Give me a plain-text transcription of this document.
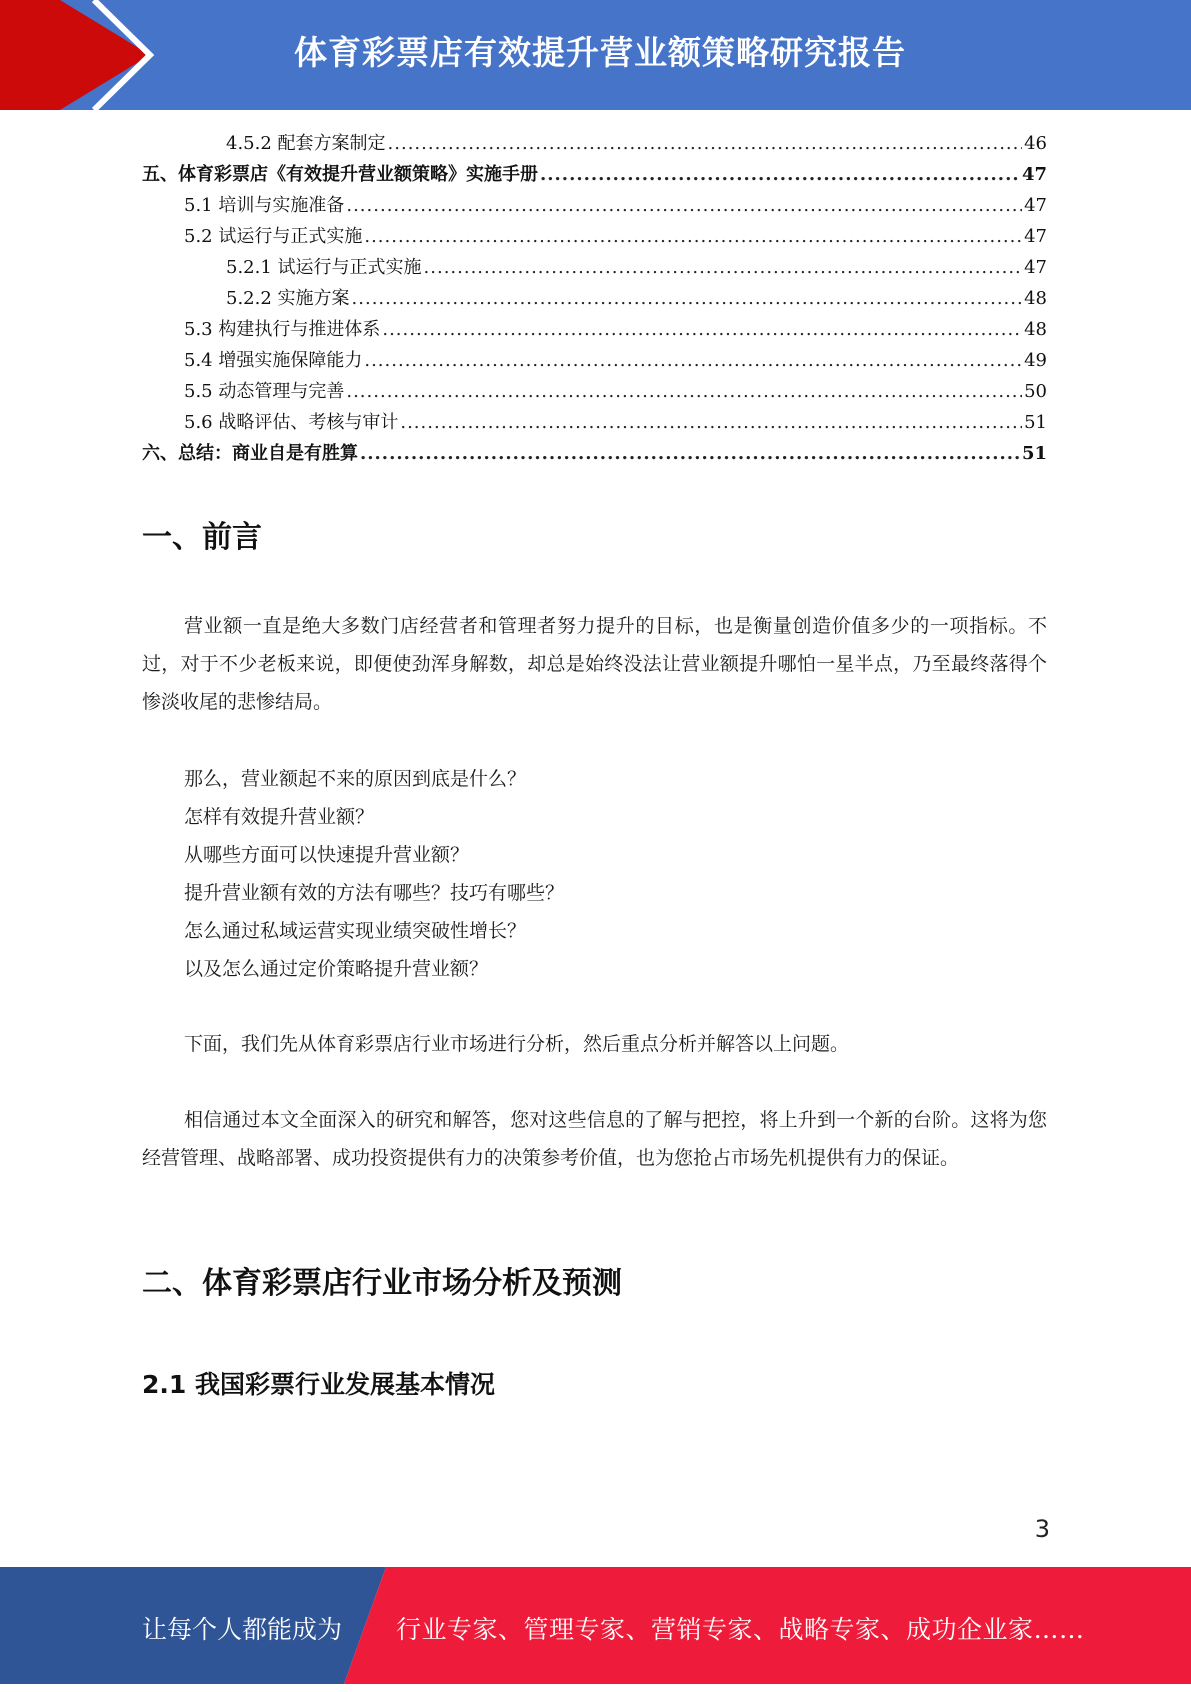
体育彩票店有效提升营业额策略研究报告
4.5.2 配套方案制定 .....	46
五、体育彩票店《有效提升营业额策略》实施手册 .....	47
5.1 培训与实施准备 .....	47
5.2 试运行与正式实施 .....	47
5.2.1 试运行与正式实施 .....	47
5.2.2 实施方案 .....	48
5.3 构建执行与推进体系 .....	48
5.4 增强实施保障能力 .....	49
5.5 动态管理与完善 .....	50
5.6 战略评估、考核与审计 .....	51
六、总结：商业自是有胜算 .....	51
一、前言

营业额一直是绝大多数门店经营者和管理者努力提升的目标，也是衡量创造价值多少的一项指标。不过，对于不少老板来说，即便使劲浑身解数，却总是始终没法让营业额提升哪怕一星半点，乃至最终落得个惨淡收尾的悲惨结局。

那么，营业额起不来的原因到底是什么？
怎样有效提升营业额？
从哪些方面可以快速提升营业额？
提升营业额有效的方法有哪些？技巧有哪些？
怎么通过私域运营实现业绩突破性增长？
以及怎么通过定价策略提升营业额？

下面，我们先从体育彩票店行业市场进行分析，然后重点分析并解答以上问题。

相信通过本文全面深入的研究和解答，您对这些信息的了解与把控，将上升到一个新的台阶。这将为您经营管理、战略部署、成功投资提供有力的决策参考价值，也为您抢占市场先机提供有力的保证。

二、体育彩票店行业市场分析及预测
2.1 我国彩票行业发展基本情况
3
让每个人都能成为 行业专家、管理专家、营销专家、战略专家、成功企业家……
